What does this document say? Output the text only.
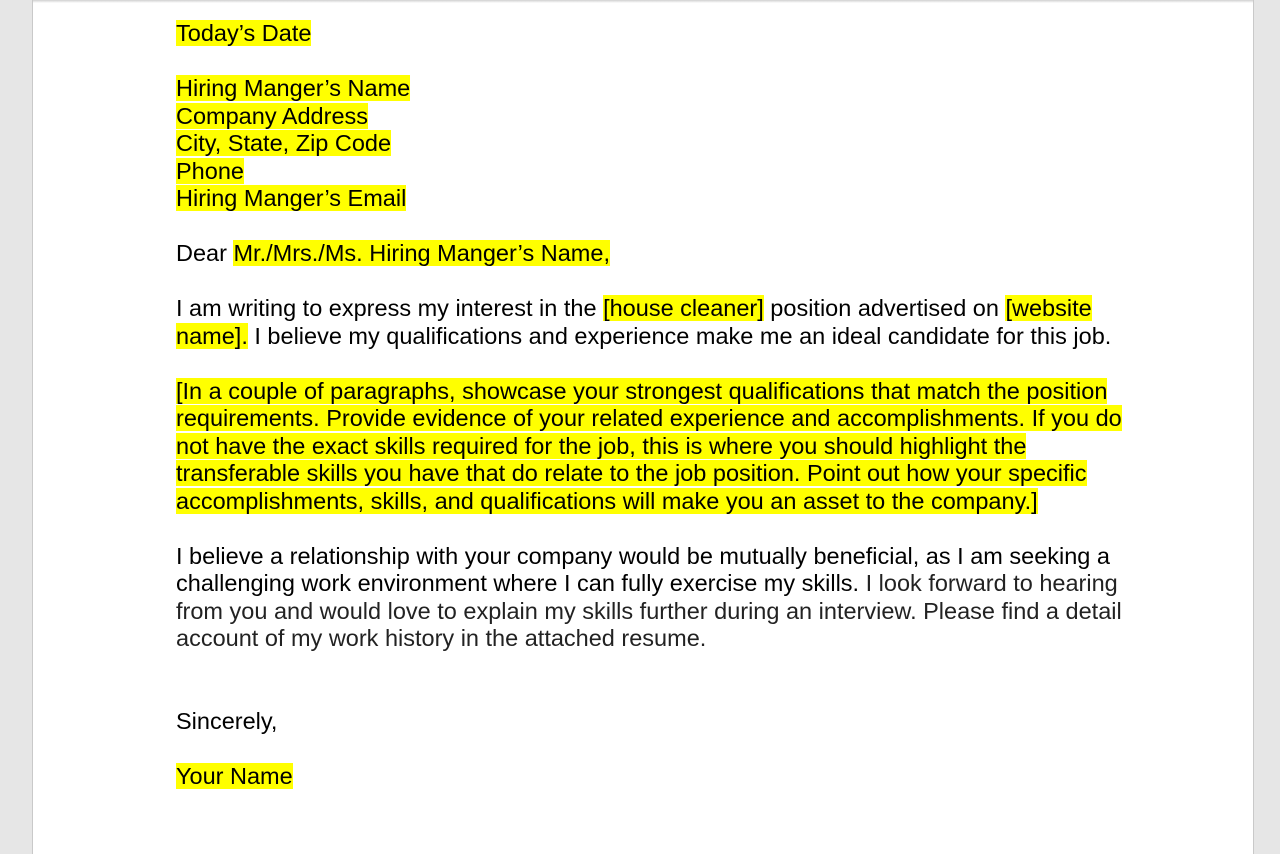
Today’s Date
Hiring Manger’s Name
Company Address
City, State, Zip Code
Phone
Hiring Manger’s Email
Dear Mr./Mrs./Ms. Hiring Manger’s Name,
I am writing to express my interest in the [house cleaner] position advertised on [website name]. I believe my qualifications and experience make me an ideal candidate for this job.
[In a couple of paragraphs, showcase your strongest qualifications that match the position requirements. Provide evidence of your related experience and accomplishments. If you do not have the exact skills required for the job, this is where you should highlight the transferable skills you have that do relate to the job position. Point out how your specific accomplishments, skills, and qualifications will make you an asset to the company.]
I believe a relationship with your company would be mutually beneficial, as I am seeking a challenging work environment where I can fully exercise my skills. I look forward to hearing from you and would love to explain my skills further during an interview. Please find a detail account of my work history in the attached resume.
Sincerely,
Your Name
